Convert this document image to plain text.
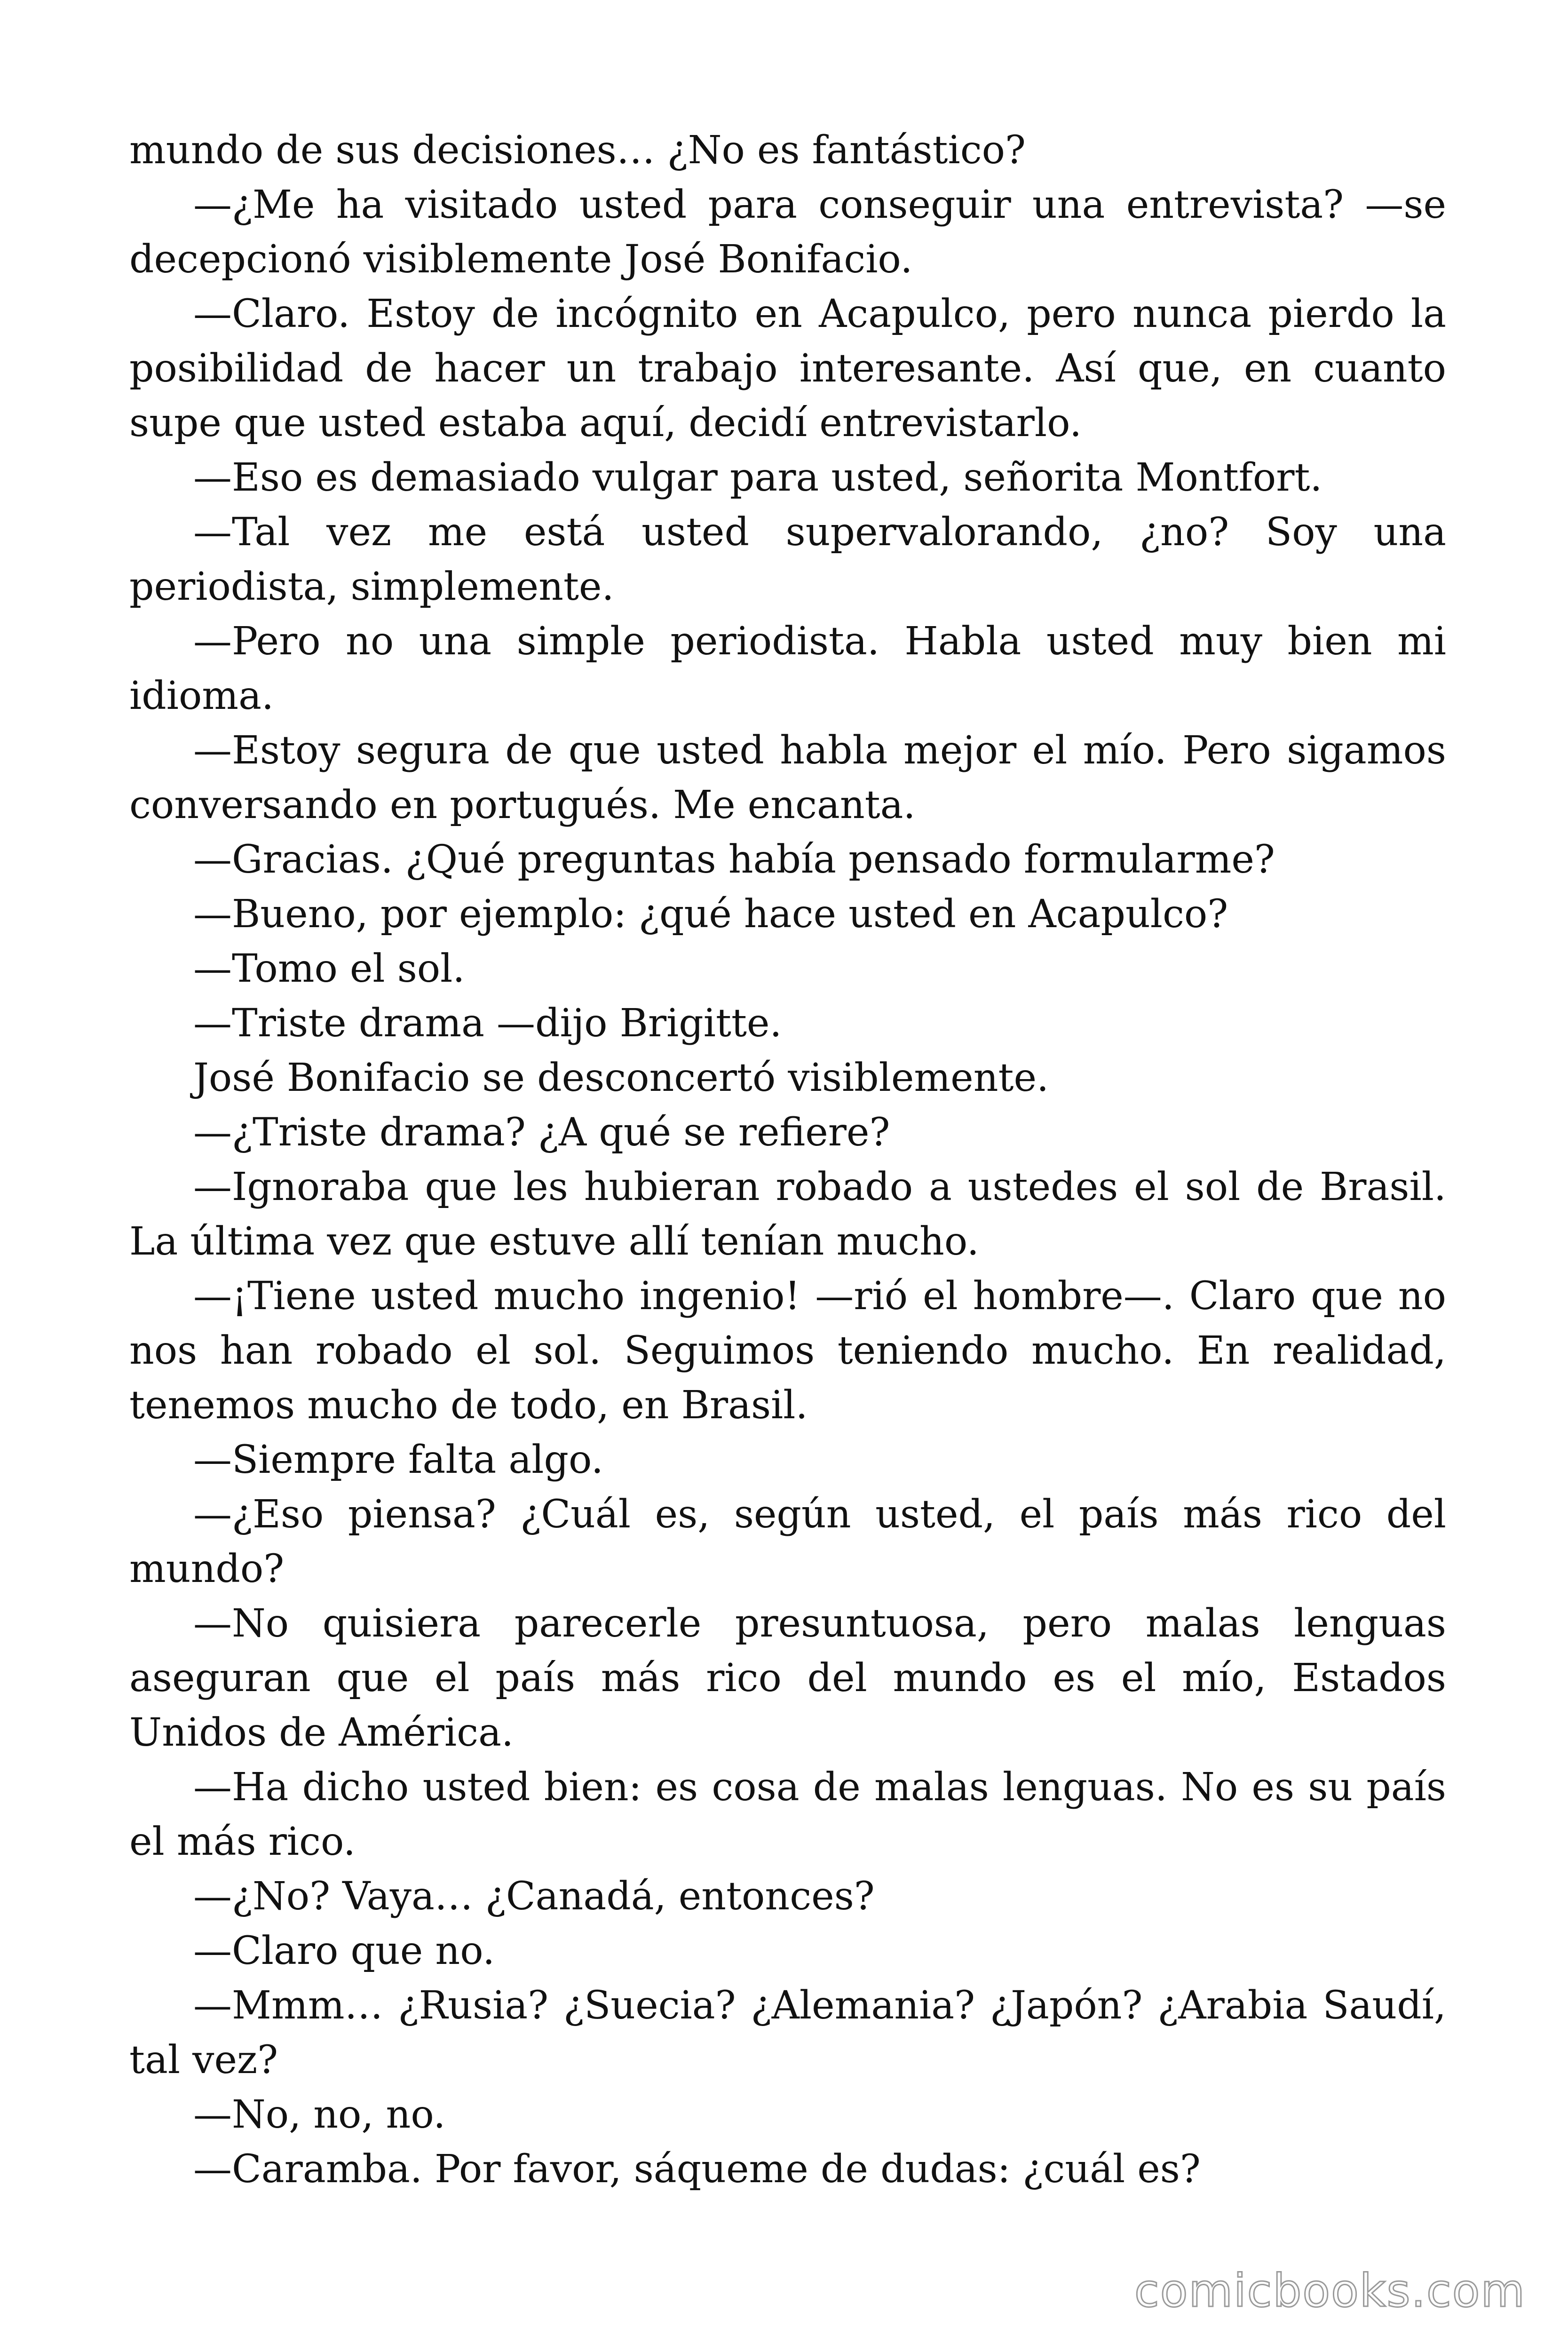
mundo de sus decisiones… ¿No es fantástico?

—¿Me ha visitado usted para conseguir una entrevista? —se decepcionó visiblemente José Bonifacio.

—Claro. Estoy de incógnito en Acapulco, pero nunca pierdo la posibilidad de hacer un trabajo interesante. Así que, en cuanto supe que usted estaba aquí, decidí entrevistarlo.

—Eso es demasiado vulgar para usted, señorita Montfort.

—Tal vez me está usted supervalorando, ¿no? Soy una periodista, simplemente.

—Pero no una simple periodista. Habla usted muy bien mi idioma.

—Estoy segura de que usted habla mejor el mío. Pero sigamos conversando en portugués. Me encanta.

—Gracias. ¿Qué preguntas había pensado formularme?

—Bueno, por ejemplo: ¿qué hace usted en Acapulco?

—Tomo el sol.

—Triste drama —dijo Brigitte.

José Bonifacio se desconcertó visiblemente.

—¿Triste drama? ¿A qué se refiere?

—Ignoraba que les hubieran robado a ustedes el sol de Brasil. La última vez que estuve allí tenían mucho.

—¡Tiene usted mucho ingenio! —rió el hombre—. Claro que no nos han robado el sol. Seguimos teniendo mucho. En realidad, tenemos mucho de todo, en Brasil.

—Siempre falta algo.

—¿Eso piensa? ¿Cuál es, según usted, el país más rico del mundo?

—No quisiera parecerle presuntuosa, pero malas lenguas aseguran que el país más rico del mundo es el mío, Estados Unidos de América.

—Ha dicho usted bien: es cosa de malas lenguas. No es su país el más rico.

—¿No? Vaya… ¿Canadá, entonces?

—Claro que no.

—Mmm… ¿Rusia? ¿Suecia? ¿Alemania? ¿Japón? ¿Arabia Saudí, tal vez?

—No, no, no.

—Caramba. Por favor, sáqueme de dudas: ¿cuál es?

comicbooks.com
